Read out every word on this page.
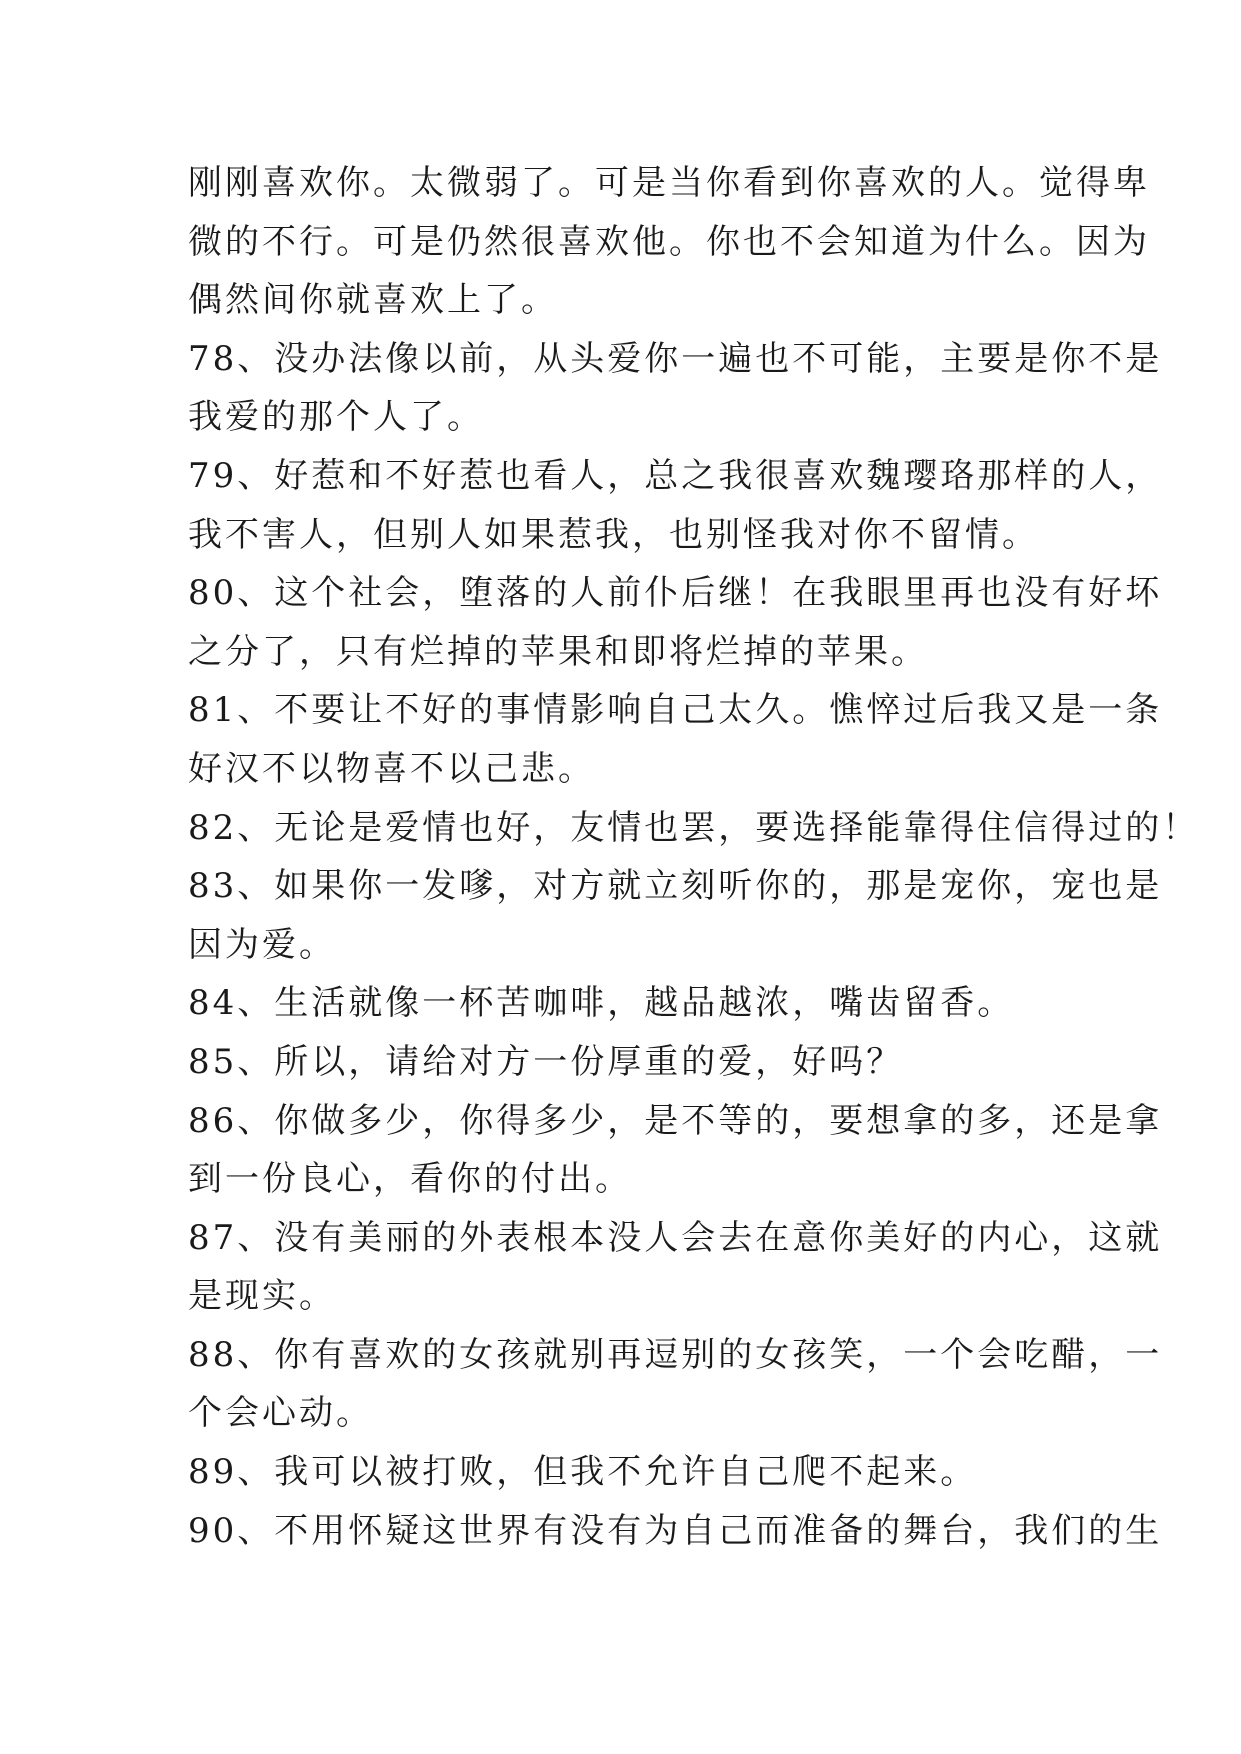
刚刚喜欢你。太微弱了。可是当你看到你喜欢的人。觉得卑
微的不行。可是仍然很喜欢他。你也不会知道为什么。因为
偶然间你就喜欢上了。
78、没办法像以前，从头爱你一遍也不可能，主要是你不是
我爱的那个人了。
79、好惹和不好惹也看人，总之我很喜欢魏璎珞那样的人，
我不害人，但别人如果惹我，也别怪我对你不留情。
80、这个社会，堕落的人前仆后继！在我眼里再也没有好坏
之分了，只有烂掉的苹果和即将烂掉的苹果。
81、不要让不好的事情影响自己太久。憔悴过后我又是一条
好汉不以物喜不以己悲。
82、无论是爱情也好，友情也罢，要选择能靠得住信得过的！
83、如果你一发嗲，对方就立刻听你的，那是宠你，宠也是
因为爱。
84、生活就像一杯苦咖啡，越品越浓，嘴齿留香。
85、所以，请给对方一份厚重的爱，好吗？
86、你做多少，你得多少，是不等的，要想拿的多，还是拿
到一份良心，看你的付出。
87、没有美丽的外表根本没人会去在意你美好的内心，这就
是现实。
88、你有喜欢的女孩就别再逗别的女孩笑，一个会吃醋，一
个会心动。
89、我可以被打败，但我不允许自己爬不起来。
90、不用怀疑这世界有没有为自己而准备的舞台，我们的生
